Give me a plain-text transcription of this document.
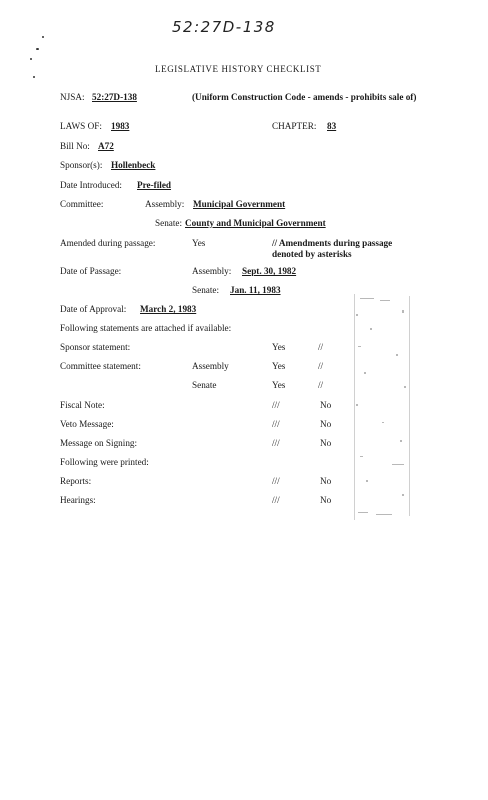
52:27D-138
LEGISLATIVE HISTORY CHECKLIST
NJSA: 52:27D-138	(Uniform Construction Code - amends - prohibits sale of)
LAWS OF: 1983	CHAPTER: 83
Bill No: A72
Sponsor(s): Hollenbeck
Date Introduced: Pre-filed
Committee:	Assembly: Municipal Government
Senate: County and Municipal Government
Amended during passage:	Yes	// Amendments during passage denoted by asterisks
Date of Passage:	Assembly: Sept. 30, 1982
Senate: Jan. 11, 1983
Date of Approval: March 2, 1983
Following statements are attached if available:
Sponsor statement:	Yes	//
Committee statement:	Assembly	Yes	//
Senate	Yes	//
Fiscal Note:	///	No
Veto Message:	///	No
Message on Signing:	///	No
Following were printed:
Reports:	///	No
Hearings:	///	No
